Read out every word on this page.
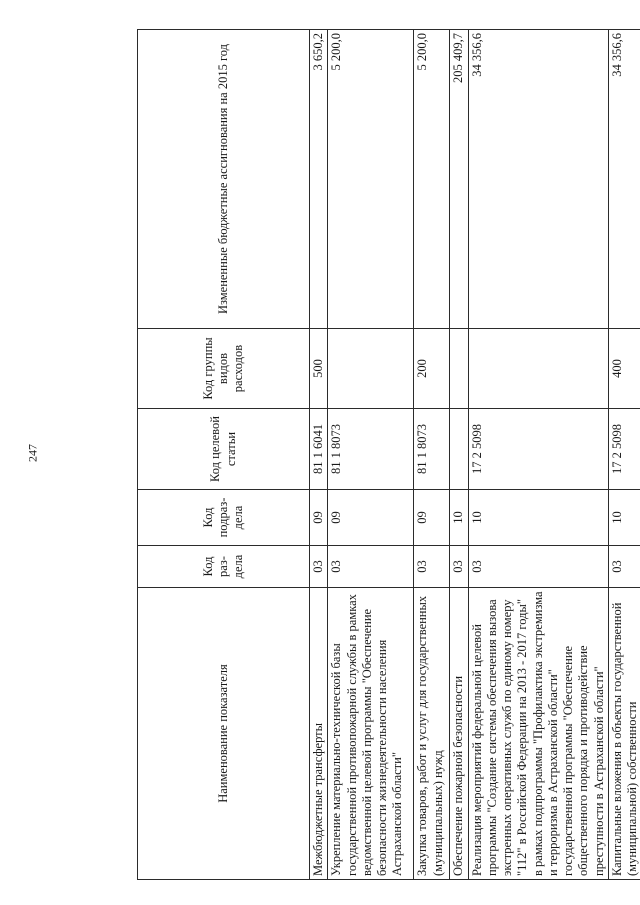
247
Наименование показателя	Код раз-дела	Код подраз-дела	Код целевой статьи	Код группы видов расходов	Измененные бюджетные ассигнования на 2015 год
Межбюджетные трансферты	03	09	81 1 6041	500	3 650,2
Укрепление материально-технической базы государственной противопожарной службы в рамках ведомственной целевой программы "Обеспечение безопасности жизнедеятельности населения Астраханской области"	03	09	81 1 8073		5 200,0
Закупка товаров, работ и услуг для государственных (муниципальных) нужд	03	09	81 1 8073	200	5 200,0
Обеспечение пожарной безопасности	03	10			205 409,7
Реализация мероприятий федеральной целевой программы "Создание системы обеспечения вызова экстренных оперативных служб по единому номеру "112" в Российской Федерации на 2013 - 2017 годы" в рамках подпрограммы "Профилактика экстремизма и терроризма в Астраханской области" государственной программы "Обеспечение общественного порядка и противодействие преступности в Астраханской области"	03	10	17 2 5098		34 356,6
Капитальные вложения в объекты государственной (муниципальной) собственности	03	10	17 2 5098	400	34 356,6
